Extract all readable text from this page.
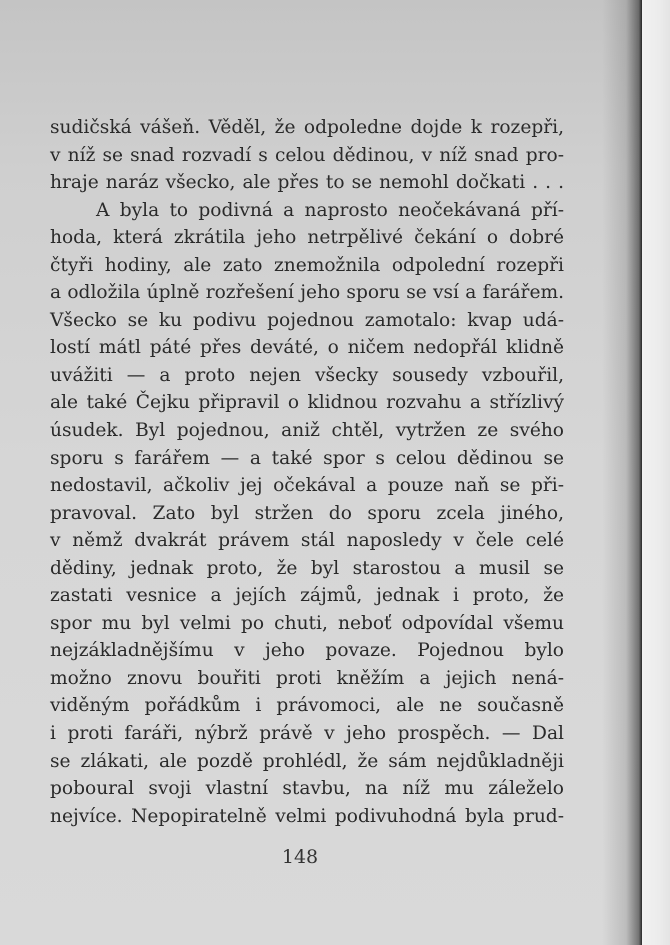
sudičská vášeň. Věděl, že odpoledne dojde k rozepři,
v níž se snad rozvadí s celou dědinou, v níž snad pro-
hraje naráz všecko, ale přes to se nemohl dočkati . . .
A byla to podivná a naprosto neočekávaná pří-
hoda, která zkrátila jeho netrpělivé čekání o dobré
čtyři hodiny, ale zato znemožnila odpolední rozepři
a odložila úplně rozřešení jeho sporu se vsí a farářem.
Všecko se ku podivu pojednou zamotalo: kvap udá-
lostí mátl páté přes deváté, o ničem nedopřál klidně
uvážiti — a proto nejen všecky sousedy vzbouřil,
ale také Čejku připravil o klidnou rozvahu a střízlivý
úsudek. Byl pojednou, aniž chtěl, vytržen ze svého
sporu s farářem — a také spor s celou dědinou se
nedostavil, ačkoliv jej očekával a pouze naň se při-
pravoval. Zato byl stržen do sporu zcela jiného,
v němž dvakrát právem stál naposledy v čele celé
dědiny, jednak proto, že byl starostou a musil se
zastati vesnice a jejích zájmů, jednak i proto, že
spor mu byl velmi po chuti, neboť odpovídal všemu
nejzákladnějšímu v jeho povaze. Pojednou bylo
možno znovu bouřiti proti kněžím a jejich nená-
viděným pořádkům i právomoci, ale ne současně
i proti faráři, nýbrž právě v jeho prospěch. — Dal
se zlákati, ale pozdě prohlédl, že sám nejdůkladněji
poboural svoji vlastní stavbu, na níž mu záleželo
nejvíce. Nepopiratelně velmi podivuhodná byla prud-
148
